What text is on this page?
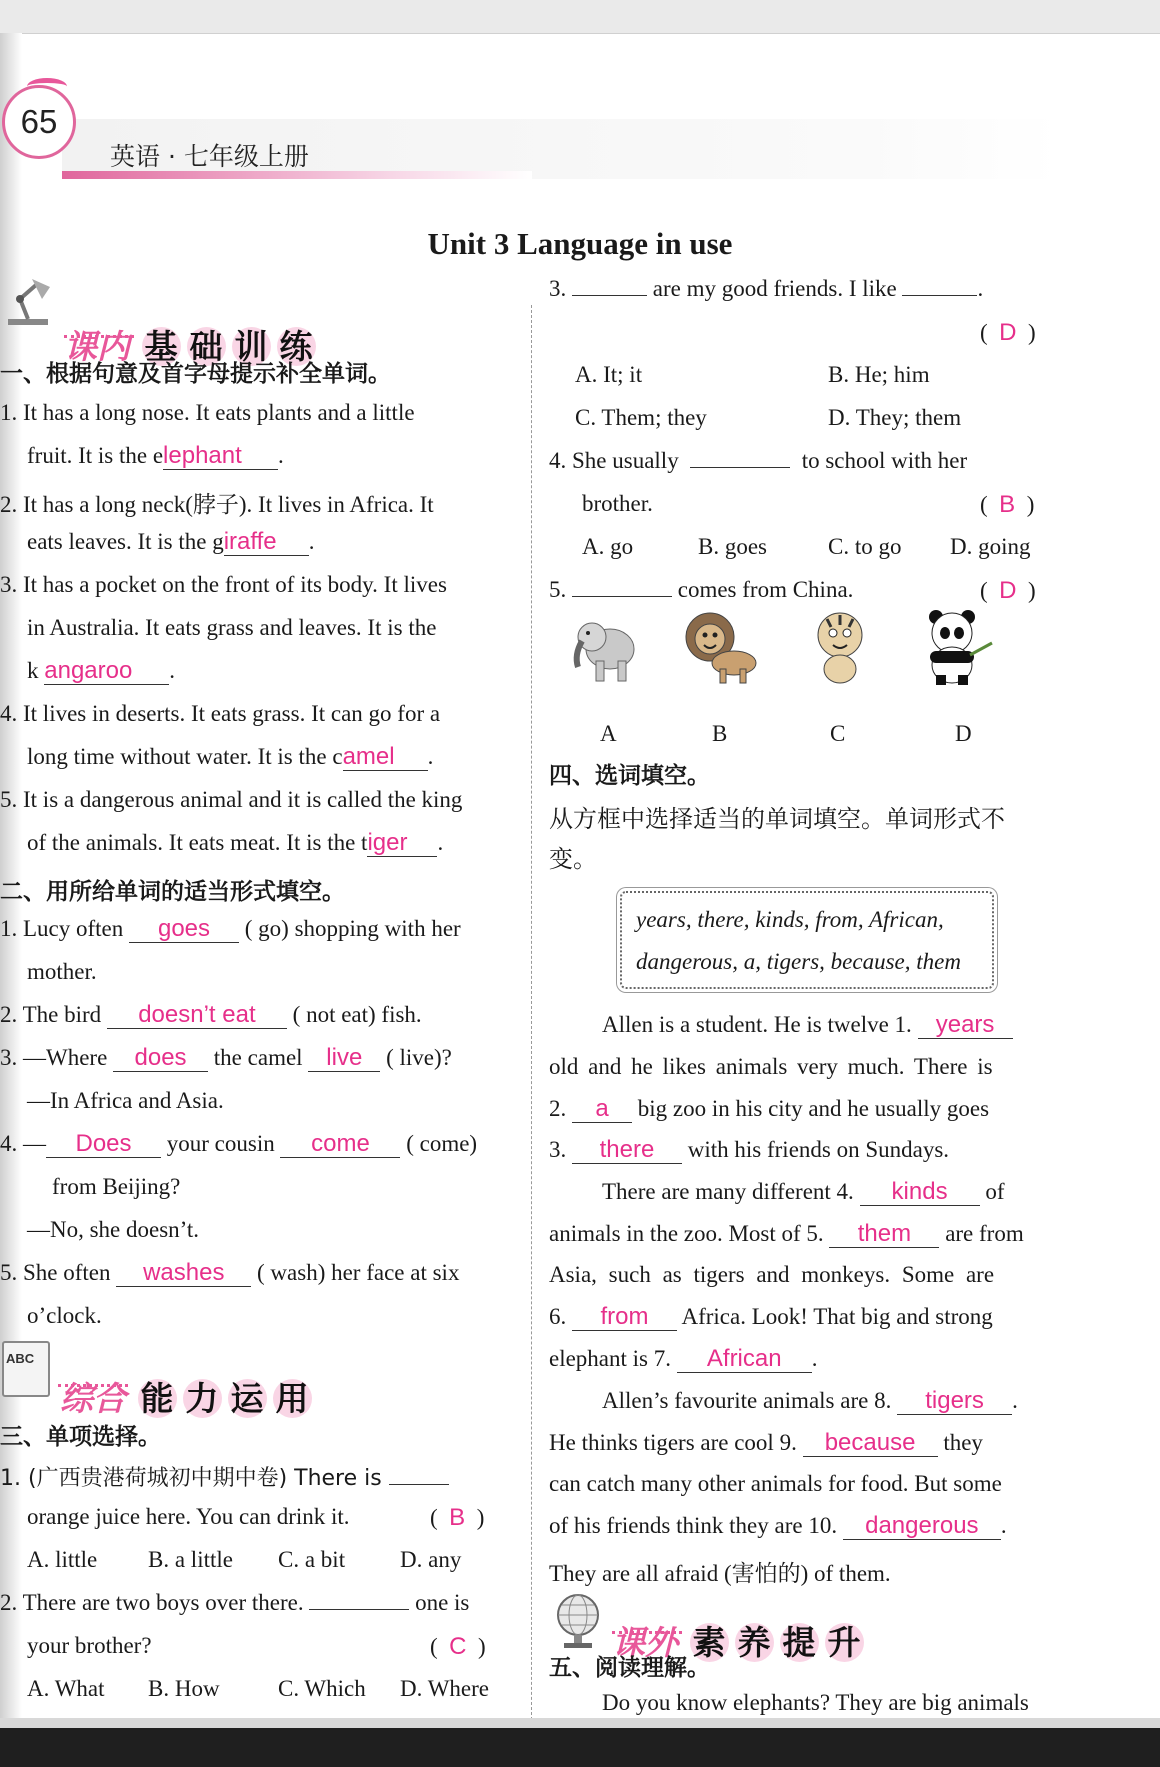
65
英语 · 七年级上册
Unit 3 Language in use
课内 基 础 训 练
一、根据句意及首字母提示补全单词。
1. It has a long nose. It eats plants and a little
fruit. It is the elephant .
2. It has a long neck(脖子). It lives in Africa. It
eats leaves. It is the giraffe .
3. It has a pocket on the front of its body. It lives
in Australia. It eats grass and leaves. It is the
k angaroo .
4. It lives in deserts. It eats grass. It can go for a
long time without water. It is the camel .
5. It is a dangerous animal and it is called the king
of the animals. It eats meat. It is the tiger .
二、用所给单词的适当形式填空。
1. Lucy often goes ( go) shopping with her
mother.
2. The bird doesn’t eat ( not eat) fish.
3. —Where does the camel live ( live)?
—In Africa and Asia.
4. — Does your cousin come ( come)
from Beijing?
—No, she doesn’t.
5. She often washes ( wash) her face at six
o’clock.
ABC
综合 能 力 运 用
三、单项选择。
1. (广西贵港荷城初中期中卷) There is
orange juice here. You can drink it.	(  B  )
A. little B. a little C. a bit D. any
2. There are two boys over there.	one is
your brother?	(  C  )
A. What B. How	C. Which D. Where
3.	are my good friends. I like	.
(  D  )
A. It; it	B. He; him
C. Them; they	D. They; them
4. She usually	to school with her
brother.	(  B  )
A. go	B. goes	C. to go D. going
5.	comes from China.	(  D  )
A	B	C	D
四、选词填空。
从方框中选择适当的单词填空。单词形式不
变。
years, there, kinds, from, African,
dangerous, a, tigers, because, them
Allen is a student. He is twelve 1. years
old and he likes animals very much. There is
2. a big zoo in his city and he usually goes
3. there with his friends on Sundays.
There are many different 4. kinds of
animals in the zoo. Most of 5. them are from
Asia, such as tigers and monkeys. Some are
6. from Africa. Look! That big and strong
elephant is 7. African .
Allen’s favourite animals are 8. tigers .
He thinks tigers are cool 9. because they
can catch many other animals for food. But some
of his friends think they are 10. dangerous .
They are all afraid (害怕的) of them.
课外 素 养 提 升
五、阅读理解。
Do you know elephants? They are big animals
